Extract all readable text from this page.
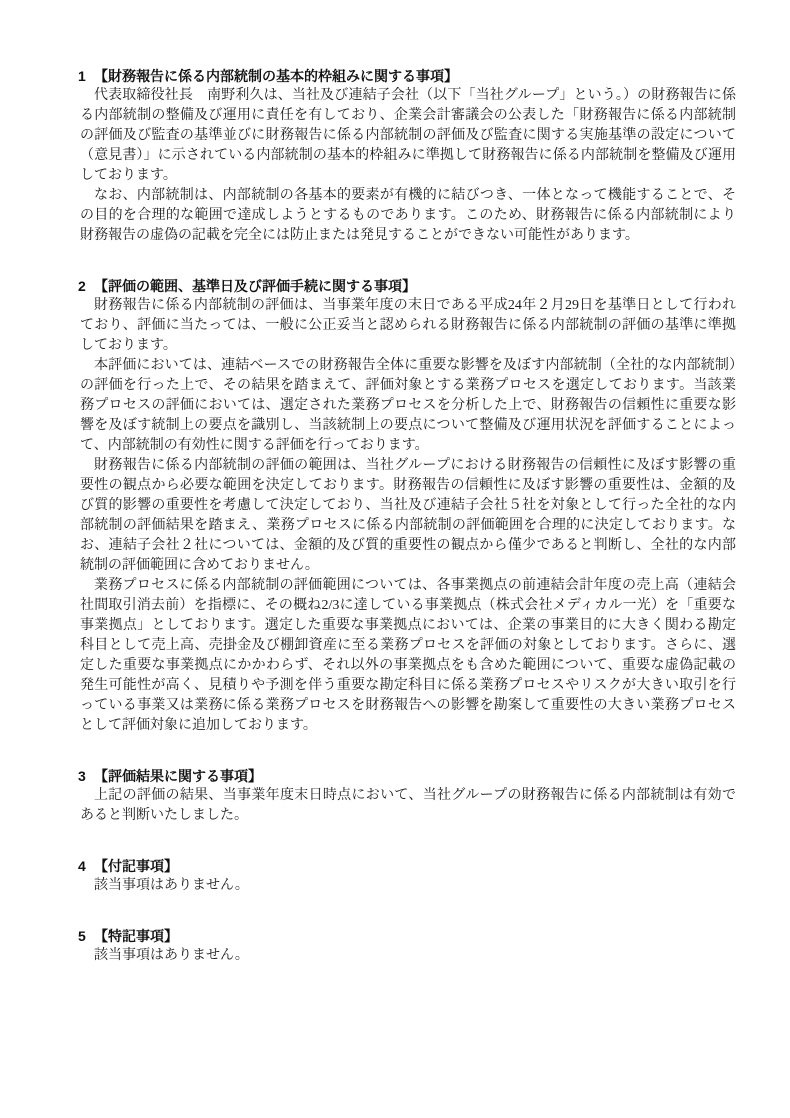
1 【財務報告に係る内部統制の基本的枠組みに関する事項】

代表取締役社長　南野利久は、当社及び連結子会社（以下「当社グループ」という。）の財務報告に係る内部統制の整備及び運用に責任を有しており、企業会計審議会の公表した「財務報告に係る内部統制の評価及び監査の基準並びに財務報告に係る内部統制の評価及び監査に関する実施基準の設定について（意見書）」に示されている内部統制の基本的枠組みに準拠して財務報告に係る内部統制を整備及び運用しております。

なお、内部統制は、内部統制の各基本的要素が有機的に結びつき、一体となって機能することで、その目的を合理的な範囲で達成しようとするものであります。このため、財務報告に係る内部統制により財務報告の虚偽の記載を完全には防止または発見することができない可能性があります。

2 【評価の範囲、基準日及び評価手続に関する事項】

財務報告に係る内部統制の評価は、当事業年度の末日である平成24年２月29日を基準日として行われており、評価に当たっては、一般に公正妥当と認められる財務報告に係る内部統制の評価の基準に準拠しております。

本評価においては、連結ベースでの財務報告全体に重要な影響を及ぼす内部統制（全社的な内部統制）の評価を行った上で、その結果を踏まえて、評価対象とする業務プロセスを選定しております。当該業務プロセスの評価においては、選定された業務プロセスを分析した上で、財務報告の信頼性に重要な影響を及ぼす統制上の要点を識別し、当該統制上の要点について整備及び運用状況を評価することによって、内部統制の有効性に関する評価を行っております。

財務報告に係る内部統制の評価の範囲は、当社グループにおける財務報告の信頼性に及ぼす影響の重要性の観点から必要な範囲を決定しております。財務報告の信頼性に及ぼす影響の重要性は、金額的及び質的影響の重要性を考慮して決定しており、当社及び連結子会社５社を対象として行った全社的な内部統制の評価結果を踏まえ、業務プロセスに係る内部統制の評価範囲を合理的に決定しております。なお、連結子会社２社については、金額的及び質的重要性の観点から僅少であると判断し、全社的な内部統制の評価範囲に含めておりません。

業務プロセスに係る内部統制の評価範囲については、各事業拠点の前連結会計年度の売上高（連結会社間取引消去前）を指標に、その概ね2/3に達している事業拠点（株式会社メディカル一光）を「重要な事業拠点」としております。選定した重要な事業拠点においては、企業の事業目的に大きく関わる勘定科目として売上高、売掛金及び棚卸資産に至る業務プロセスを評価の対象としております。さらに、選定した重要な事業拠点にかかわらず、それ以外の事業拠点をも含めた範囲について、重要な虚偽記載の発生可能性が高く、見積りや予測を伴う重要な勘定科目に係る業務プロセスやリスクが大きい取引を行っている事業又は業務に係る業務プロセスを財務報告への影響を勘案して重要性の大きい業務プロセスとして評価対象に追加しております。

3 【評価結果に関する事項】

上記の評価の結果、当事業年度末日時点において、当社グループの財務報告に係る内部統制は有効であると判断いたしました。

4 【付記事項】

該当事項はありません。

5 【特記事項】

該当事項はありません。
